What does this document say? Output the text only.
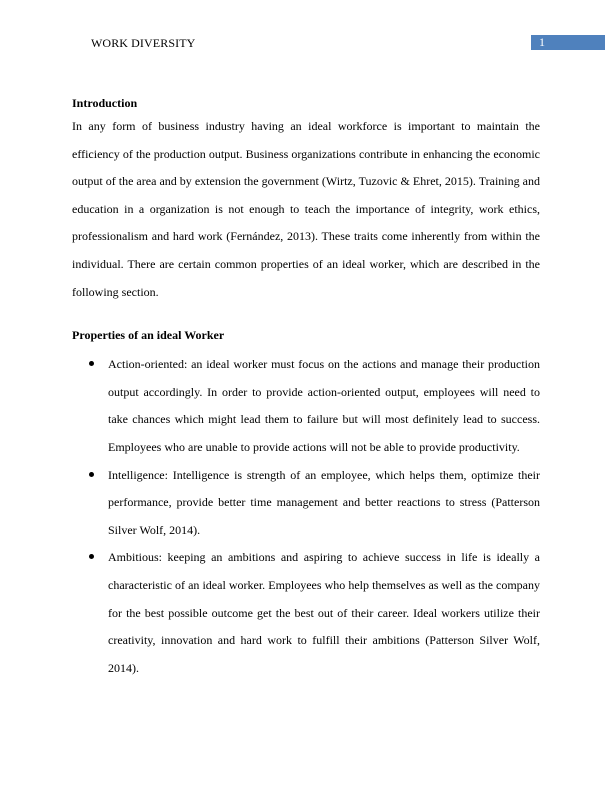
WORK DIVERSITY	1

Introduction

In any form of business industry having an ideal workforce is important to maintain the efficiency of the production output. Business organizations contribute in enhancing the economic output of the area and by extension the government (Wirtz, Tuzovic & Ehret, 2015). Training and education in a organization is not enough to teach the importance of integrity, work ethics, professionalism and hard work (Fernández, 2013). These traits come inherently from within the individual. There are certain common properties of an ideal worker, which are described in the following section.

Properties of an ideal Worker

Action-oriented: an ideal worker must focus on the actions and manage their production output accordingly. In order to provide action-oriented output, employees will need to take chances which might lead them to failure but will most definitely lead to success. Employees who are unable to provide actions will not be able to provide productivity.
Intelligence: Intelligence is strength of an employee, which helps them, optimize their performance, provide better time management and better reactions to stress (Patterson Silver Wolf, 2014).
Ambitious: keeping an ambitions and aspiring to achieve success in life is ideally a characteristic of an ideal worker. Employees who help themselves as well as the company for the best possible outcome get the best out of their career. Ideal workers utilize their creativity, innovation and hard work to fulfill their ambitions (Patterson Silver Wolf, 2014).
